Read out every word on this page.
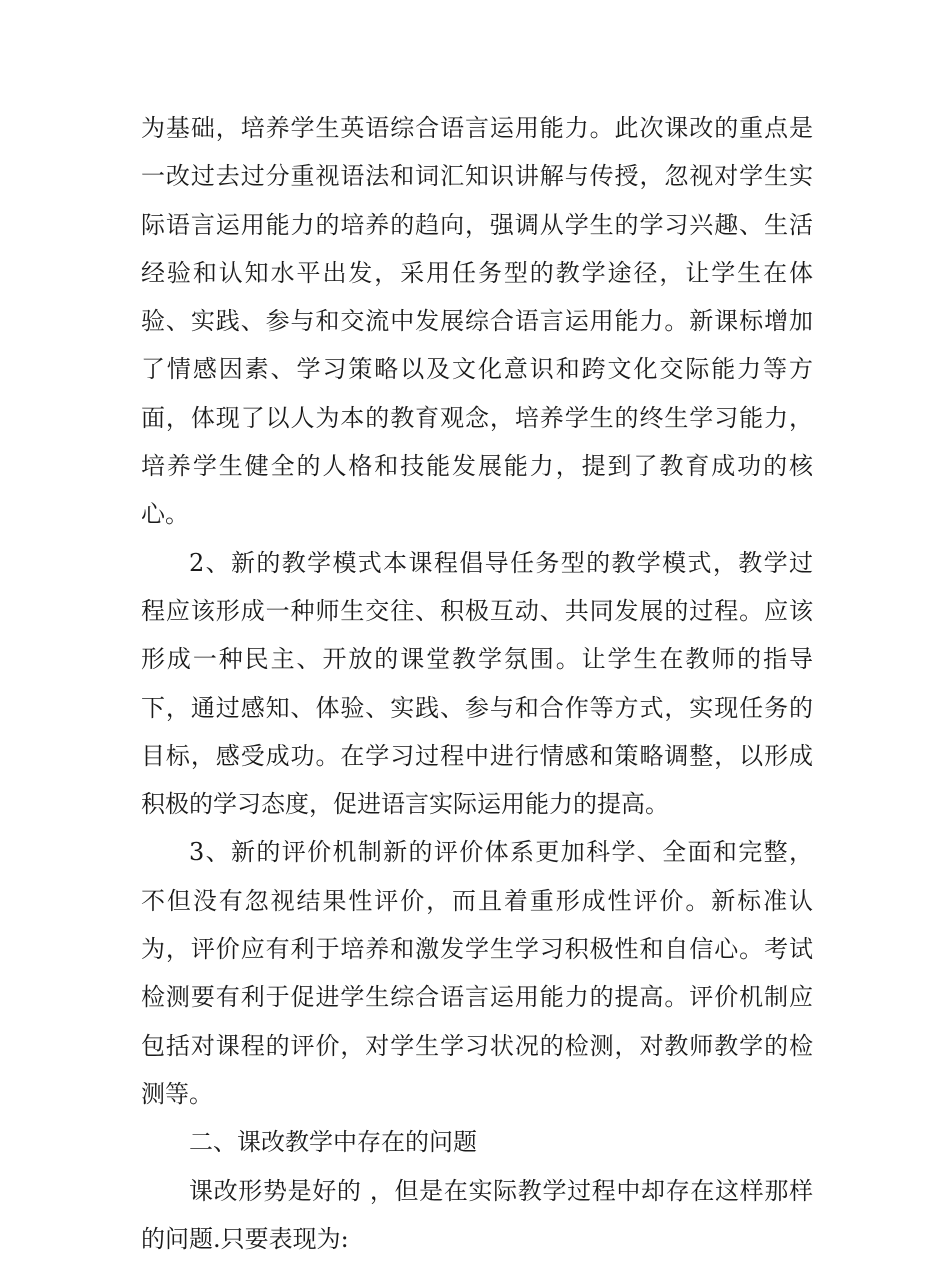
为基础，培养学生英语综合语言运用能力。此次课改的重点是
一改过去过分重视语法和词汇知识讲解与传授，忽视对学生实
际语言运用能力的培养的趋向，强调从学生的学习兴趣、生活
经验和认知水平出发，采用任务型的教学途径，让学生在体
验、实践、参与和交流中发展综合语言运用能力。新课标增加
了情感因素、学习策略以及文化意识和跨文化交际能力等方
面，体现了以人为本的教育观念，培养学生的终生学习能力，
培养学生健全的人格和技能发展能力，提到了教育成功的核
心。
2、新的教学模式本课程倡导任务型的教学模式，教学过
程应该形成一种师生交往、积极互动、共同发展的过程。应该
形成一种民主、开放的课堂教学氛围。让学生在教师的指导
下，通过感知、体验、实践、参与和合作等方式，实现任务的
目标，感受成功。在学习过程中进行情感和策略调整，以形成
积极的学习态度，促进语言实际运用能力的提高。
3、新的评价机制新的评价体系更加科学、全面和完整，
不但没有忽视结果性评价，而且着重形成性评价。新标准认
为，评价应有利于培养和激发学生学习积极性和自信心。考试
检测要有利于促进学生综合语言运用能力的提高。评价机制应
包括对课程的评价，对学生学习状况的检测，对教师教学的检
测等。
二、课改教学中存在的问题
课改形势是好的 ，但是在实际教学过程中却存在这样那样
的问题.只要表现为:
